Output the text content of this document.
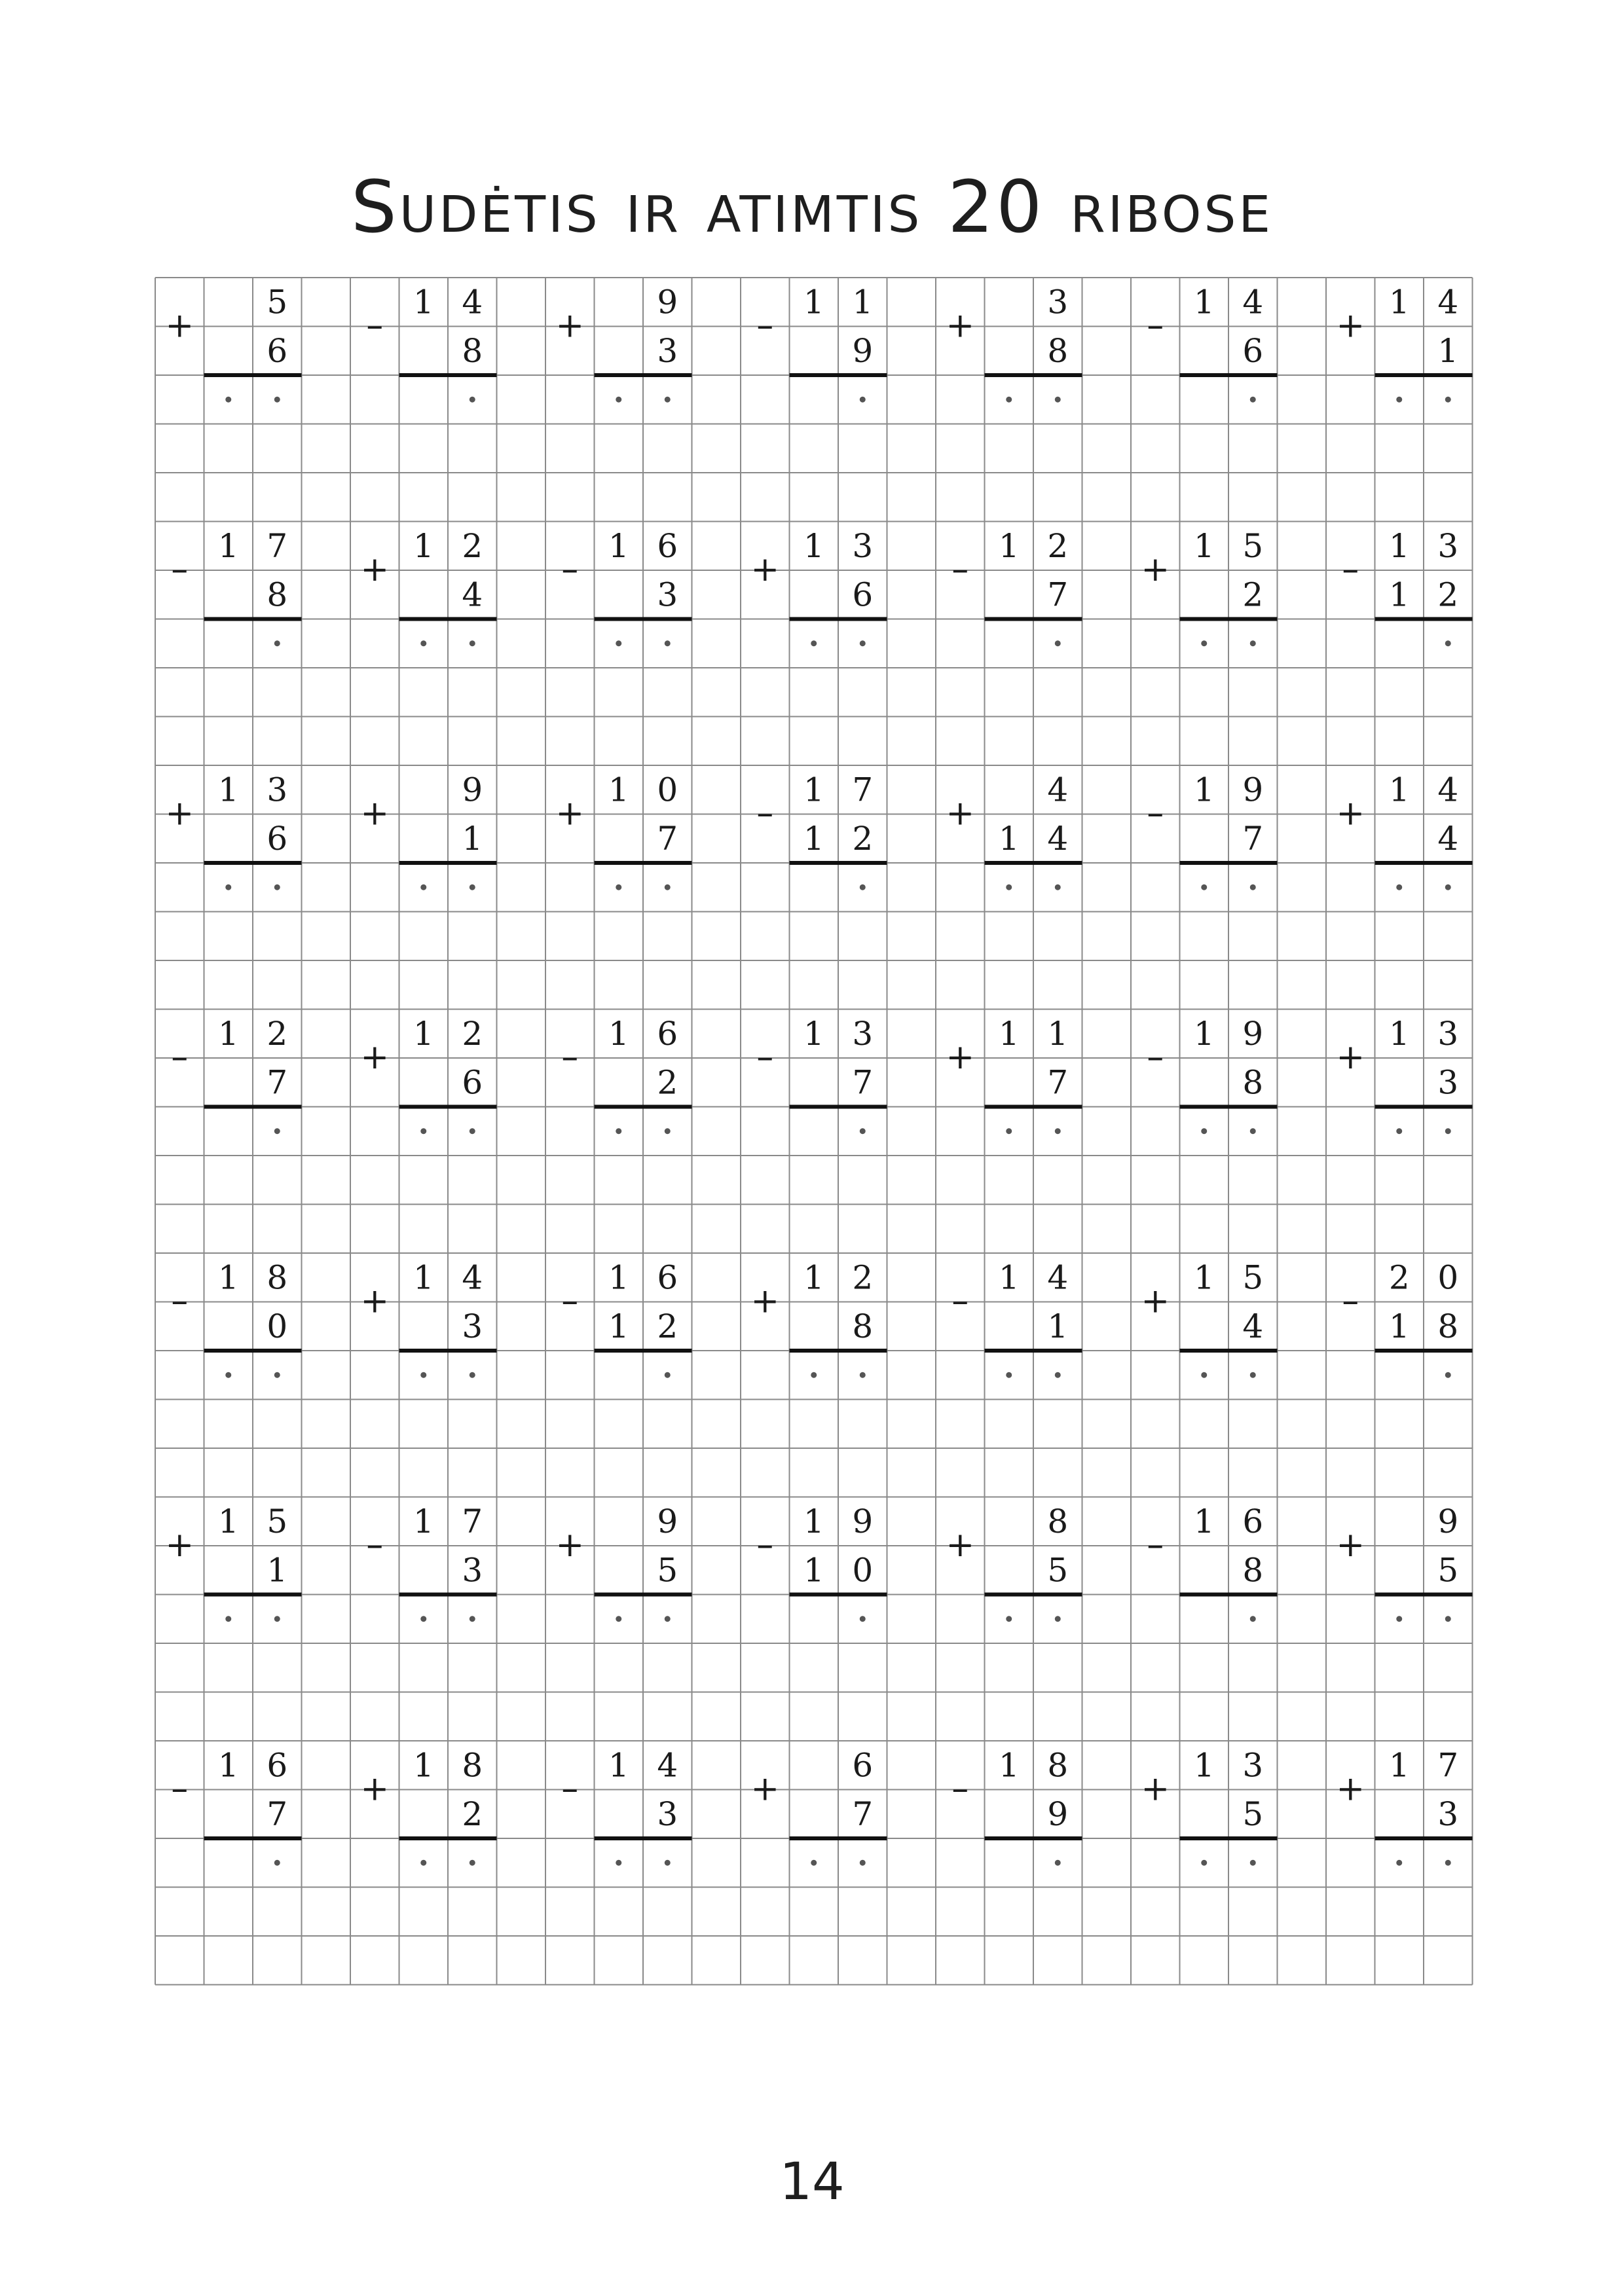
Sudėtis ir atimtis 20 ribose
+
5
6
–
1 4
8
+
9
3
–
1 1
9
+
3
8
–
1 4
6
+
1 4
1
–
1 7
8
+
1 2
4
–
1 6
3
+
1 3
6
–
1 2
7
+
1 5
2
–
1 3
1 2
+
1 3
6
+
9
1
+
1 0
7
–
1 7
1 2
+
4
1 4
–
1 9
7
+
1 4
4
–
1 2
7
+
1 2
6
–
1 6
2
–
1 3
7
+
1 1
7
–
1 9
8
+
1 3
3
–
1 8
0
+
1 4
3
–
1 6
1 2
+
1 2
8
–
1 4
1
+
1 5
4
–
2 0
1 8
+
1 5
1
–
1 7
3
+
9
5
–
1 9
1 0
+
8
5
–
1 6
8
+
9
5
–
1 6
7
+
1 8
2
–
1 4
3
+
6
7
–
1 8
9
+
1 3
5
+
1 7
3
14
